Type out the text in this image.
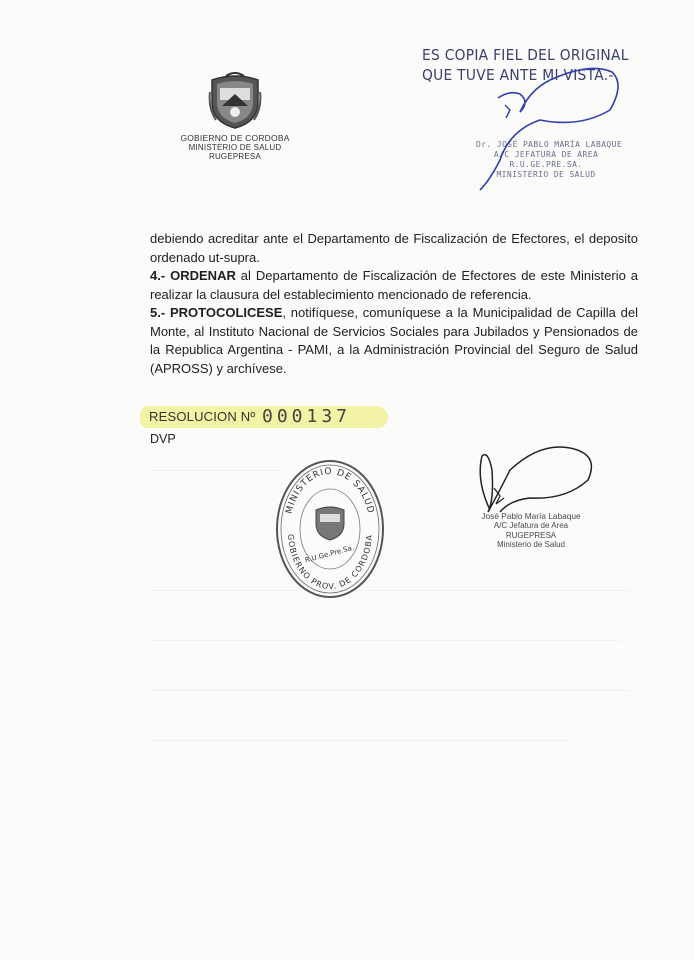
GOBIERNO DE CORDOBA
MINISTERIO DE SALUD
RUGEPRESA
ES COPIA FIEL DEL ORIGINAL
QUE TUVE ANTE MI VISTA.-
Dr. JOSÉ PABLO MARÍA LABAQUE
A/C JEFATURA DE AREA
R.U.GE.PRE.SA.
MINISTERIO DE SALUD

debiendo acreditar ante el Departamento de Fiscalización de Efectores, el deposito ordenado ut-supra.

4.- ORDENAR al Departamento de Fiscalización de Efectores de este Ministerio a realizar la clausura del establecimiento mencionado de referencia.

5.- PROTOCOLICESE, notifíquese, comuníquese a la Municipalidad de Capilla del Monte, al Instituto Nacional de Servicios Sociales para Jubilados y Pensionados de la Republica Argentina - PAMI, a la Administración Provincial del Seguro de Salud (APROSS) y archívese.

RESOLUCION Nº 000137
DVP
MINISTERIO DE SALUD
GOBIERNO PROV. DE CORDOBA
R.U.Ge.Pre.Sa.
José Pablo María Labaque
A/C Jefatura de Area
RUGEPRESA
Ministerio de Salud
